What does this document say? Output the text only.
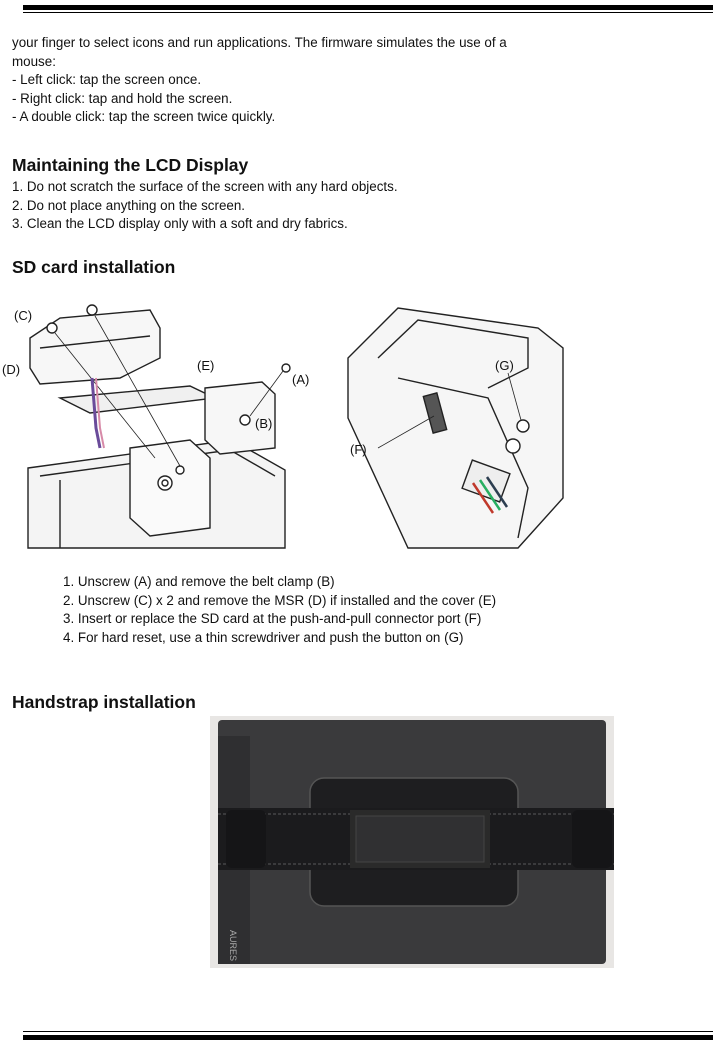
your finger to select icons and run applications. The firmware simulates the use of a
mouse:
- Left click: tap the screen once.
- Right click: tap and hold the screen.
- A double click: tap the screen twice quickly.
Maintaining the LCD Display
1. Do not scratch the surface of the screen with any hard objects.
2. Do not place anything on the screen.
3. Clean the LCD display only with a soft and dry fabrics.
SD card installation
(C)
(D)	(E)
(A)
(B)
(G)
(F)
1. Unscrew (A) and remove the belt clamp (B)
2. Unscrew (C) x 2 and remove the MSR (D) if installed and the cover (E)
3. Insert or replace the SD card at the push-and-pull connector port (F)
4. For hard reset, use a thin screwdriver and push the button on (G)
Handstrap installation
AURES
